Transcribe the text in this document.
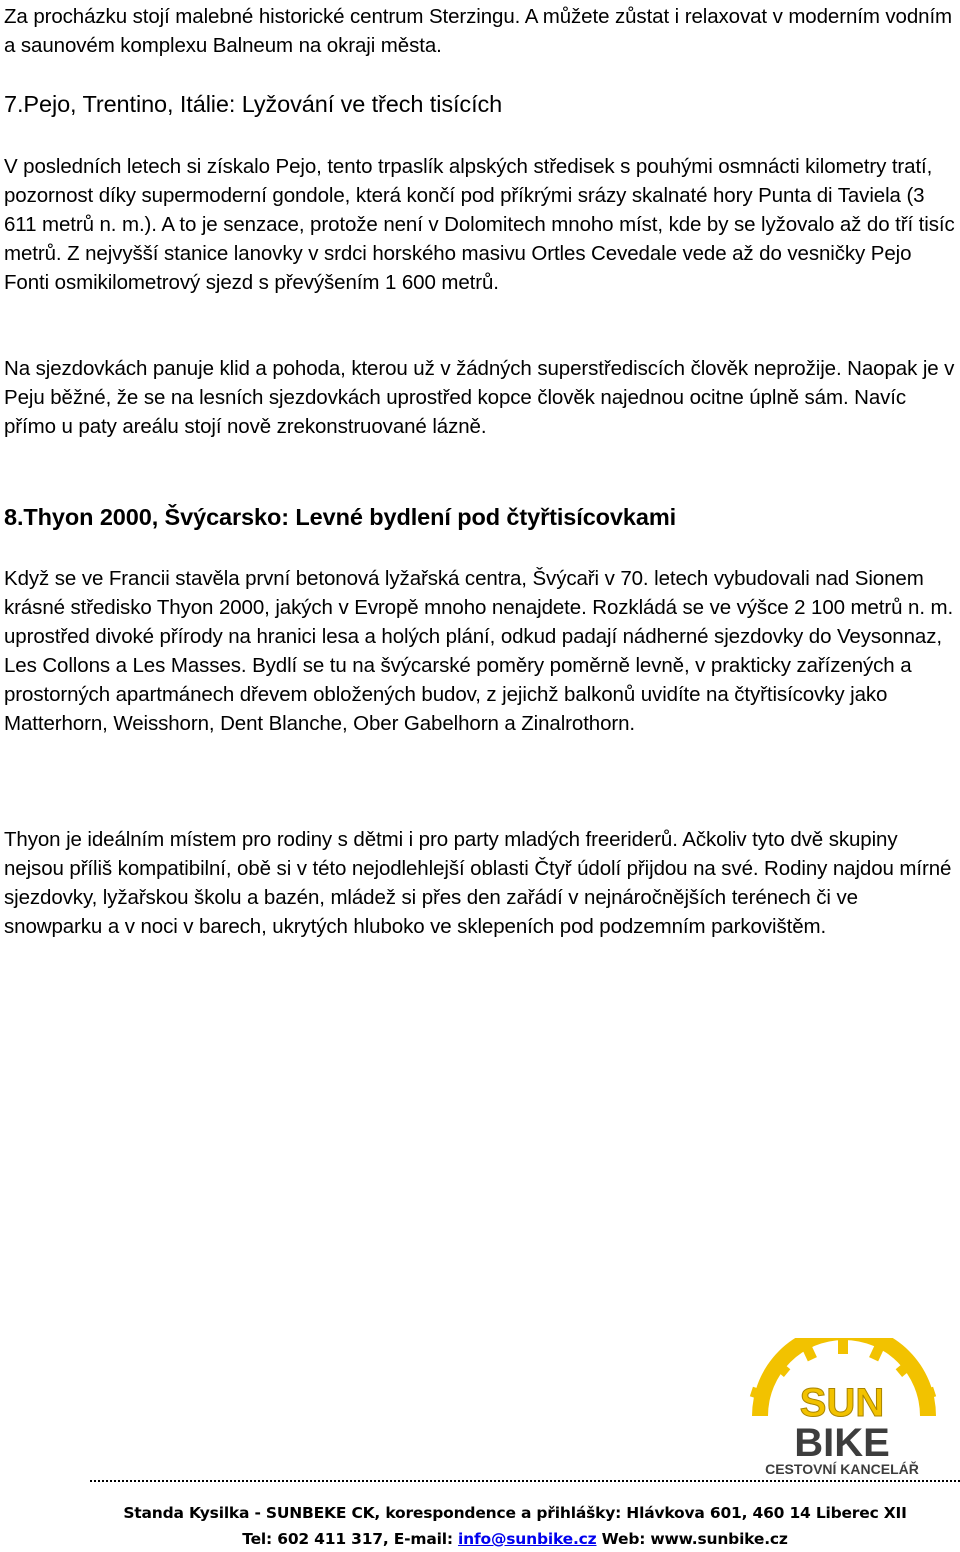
Za procházku stojí malebné historické centrum Sterzingu. A můžete zůstat i relaxovat v moderním vodním a saunovém komplexu Balneum na okraji města.

7.Pejo, Trentino, Itálie: Lyžování ve třech tisících

V posledních letech si získalo Pejo, tento trpaslík alpských středisek s pouhými osmnácti kilometry tratí, pozornost díky supermoderní gondole, která končí pod příkrými srázy skalnaté hory Punta di Taviela (3 611 metrů n. m.). A to je senzace, protože není v Dolomitech mnoho míst, kde by se lyžovalo až do tří tisíc metrů. Z nejvyšší stanice lanovky v srdci horského masivu Ortles Cevedale vede až do vesničky Pejo Fonti osmikilometrový sjezd s převýšením 1 600 metrů.

Na sjezdovkách panuje klid a pohoda, kterou už v žádných superstřediscích člověk neprožije. Naopak je v Peju běžné, že se na lesních sjezdovkách uprostřed kopce člověk najednou ocitne úplně sám. Navíc přímo u paty areálu stojí nově zrekonstruované lázně.

8.Thyon 2000, Švýcarsko: Levné bydlení pod čtyřtisícovkami

Když se ve Francii stavěla první betonová lyžařská centra, Švýcaři v 70. letech vybudovali nad Sionem krásné středisko Thyon 2000, jakých v Evropě mnoho nenajdete. Rozkládá se ve výšce 2 100 metrů n. m. uprostřed divoké přírody na hranici lesa a holých plání, odkud padají nádherné sjezdovky do Veysonnaz, Les Collons a Les Masses. Bydlí se tu na švýcarské poměry poměrně levně, v prakticky zařízených a prostorných apartmánech dřevem obložených budov, z jejichž balkonů uvidíte na čtyřtisícovky jako Matterhorn, Weisshorn, Dent Blanche, Ober Gabelhorn a Zinalrothorn.

Thyon je ideálním místem pro rodiny s dětmi i pro party mladých freeriderů. Ačkoliv tyto dvě skupiny nejsou příliš kompatibilní, obě si v této nejodlehlejší oblasti Čtyř údolí přijdou na své. Rodiny najdou mírné sjezdovky, lyžařskou školu a bazén, mládež si přes den zařádí v nejnáročnějších terénech či ve snowparku a v noci v barech, ukrytých hluboko ve sklepeních pod podzemním parkovištěm.

SUN
BIKE
CESTOVNÍ KANCELÁŘ
Standa Kysilka - SUNBEKE CK, korespondence a přihlášky: Hlávkova 601, 460 14 Liberec XII
Tel: 602 411 317, E-mail: info@sunbike.cz Web: www.sunbike.cz
